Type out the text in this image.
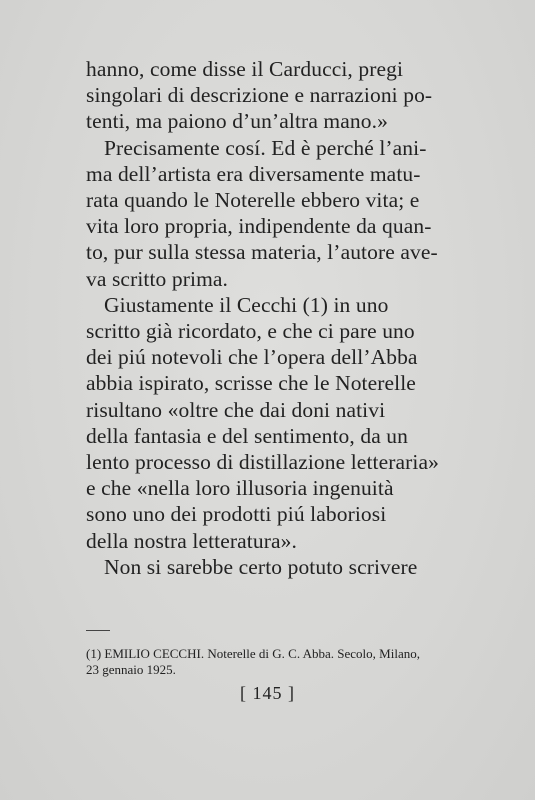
hanno, come disse il Carducci, pregi
singolari di descrizione e narrazioni po-
tenti, ma paiono d’un’altra mano.»

Precisamente cosí. Ed è perché l’ani-
ma dell’artista era diversamente matu-
rata quando le Noterelle ebbero vita; e
vita loro propria, indipendente da quan-
to, pur sulla stessa materia, l’autore ave-
va scritto prima.

Giustamente il Cecchi (1) in uno
scritto già ricordato, e che ci pare uno
dei piú notevoli che l’opera dell’Abba
abbia ispirato, scrisse che le Noterelle
risultano «oltre che dai doni nativi
della fantasia e del sentimento, da un
lento processo di distillazione letteraria»
e che «nella loro illusoria ingenuità
sono uno dei prodotti piú laboriosi
della nostra letteratura».

Non si sarebbe certo potuto scrivere

(1) EMILIO CECCHI. Noterelle di G. C. Abba. Secolo, Milano,
23 gennaio 1925.
[ 145 ]
